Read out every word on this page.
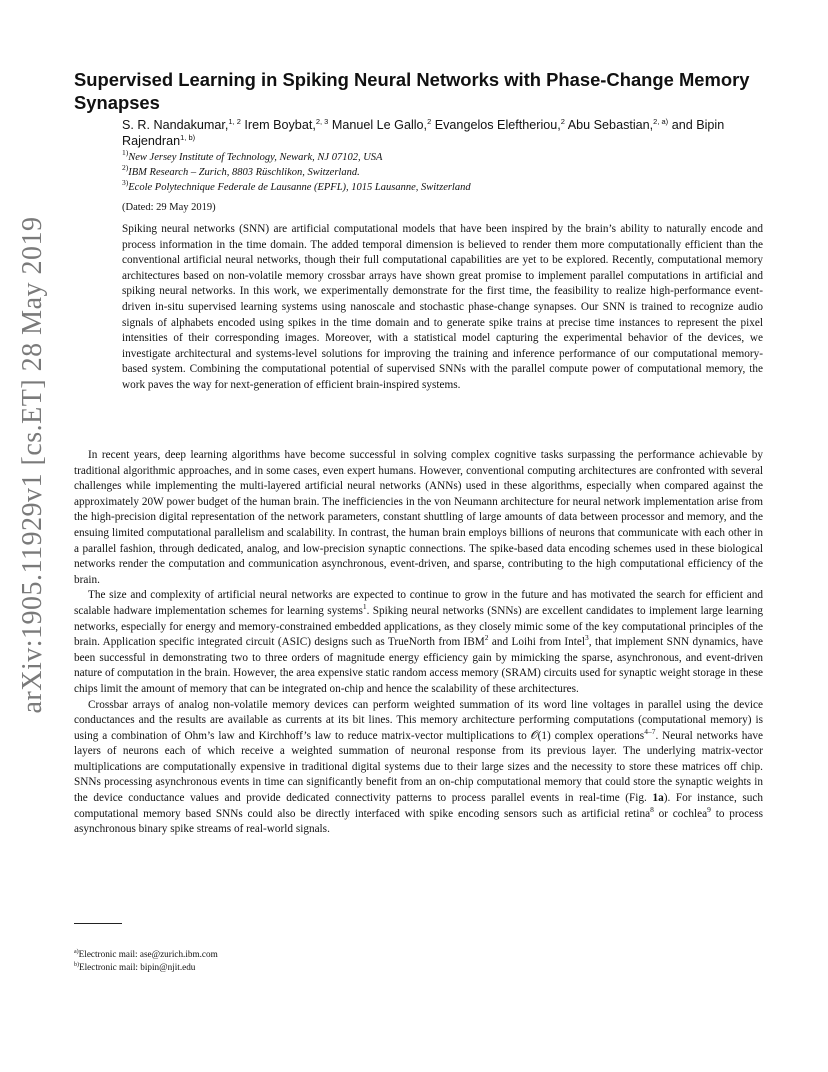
arXiv:1905.11929v1 [cs.ET] 28 May 2019
Supervised Learning in Spiking Neural Networks with Phase-Change Memory Synapses
S. R. Nandakumar,$^{1, 2}$ Irem Boybat,$^{2, 3}$ Manuel Le Gallo,$^2$ Evangelos Eleftheriou,$^2$ Abu Sebastian,$^{2, a)}$ and Bipin Rajendran$^{1, b)}$
$^{1)}$New Jersey Institute of Technology, Newark, NJ 07102, USA
$^{2)}$IBM Research – Zurich, 8803 Rüschlikon, Switzerland.
$^{3)}$Ecole Polytechnique Federale de Lausanne (EPFL), 1015 Lausanne, Switzerland
(Dated: 29 May 2019)

Spiking neural networks (SNN) are artificial computational models that have been inspired by the brain’s ability to naturally encode and process information in the time domain. The added temporal dimension is believed to render them more computationally efficient than the conventional artificial neural networks, though their full computational capabilities are yet to be explored. Recently, computational memory architectures based on non-volatile memory crossbar arrays have shown great promise to implement parallel computations in artificial and spiking neural networks. In this work, we experimentally demonstrate for the first time, the feasibility to realize high-performance event-driven in-situ supervised learning systems using nanoscale and stochastic phase-change synapses. Our SNN is trained to recognize audio signals of alphabets encoded using spikes in the time domain and to generate spike trains at precise time instances to represent the pixel intensities of their corresponding images. Moreover, with a statistical model capturing the experimental behavior of the devices, we investigate architectural and systems-level solutions for improving the training and inference performance of our computational memory-based system. Combining the computational potential of supervised SNNs with the parallel compute power of computational memory, the work paves the way for next-generation of efficient brain-inspired systems.

In recent years, deep learning algorithms have become successful in solving complex cognitive tasks surpassing the performance achievable by traditional algorithmic approaches, and in some cases, even expert humans. However, conventional computing architectures are confronted with several challenges while implementing the multi-layered artificial neural networks (ANNs) used in these algorithms, especially when compared against the approximately 20W power budget of the human brain. The inefficiencies in the von Neumann architecture for neural network implementation arise from the high-precision digital representation of the network parameters, constant shuttling of large amounts of data between processor and memory, and the ensuing limited computational parallelism and scalability. In contrast, the human brain employs billions of neurons that communicate with each other in a parallel fashion, through dedicated, analog, and low-precision synaptic connections. The spike-based data encoding schemes used in these biological networks render the computation and communication asynchronous, event-driven, and sparse, contributing to the high computational efficiency of the brain.

The size and complexity of artificial neural networks are expected to continue to grow in the future and has motivated the search for efficient and scalable hadware implementation schemes for learning systems$^1$. Spiking neural networks (SNNs) are excellent candidates to implement large learning networks, especially for energy and memory-constrained embedded applications, as they closely mimic some of the key computational principles of the brain. Application specific integrated circuit (ASIC) designs such as TrueNorth from IBM$^2$ and Loihi from Intel$^3$, that implement SNN dynamics, have been successful in demonstrating two to three orders of magnitude energy efficiency gain by mimicking the sparse, asynchronous, and event-driven nature of computation in the brain. However, the area expensive static random access memory (SRAM) circuits used for synaptic weight storage in these chips limit the amount of memory that can be integrated on-chip and hence the scalability of these architectures.

Crossbar arrays of analog non-volatile memory devices can perform weighted summation of its word line voltages in parallel using the device conductances and the results are available as currents at its bit lines. This memory architecture performing computations (computational memory) is using a combination of Ohm’s law and Kirchhoff’s law to reduce matrix-vector multiplications to 𝒪(1) complex operations$^{4-7}$. Neural networks have layers of neurons each of which receive a weighted summation of neuronal response from its previous layer. The underlying matrix-vector multiplications are computationally expensive in traditional digital systems due to their large sizes and the necessity to store these matrices off chip. SNNs processing asynchronous events in time can significantly benefit from an on-chip computational memory that could store the synaptic weights in the device conductance values and provide dedicated connectivity patterns to process parallel events in real-time (Fig. 1a). For instance, such computational memory based SNNs could also be directly interfaced with spike encoding sensors such as artificial retina$^8$ or cochlea$^9$ to process asynchronous binary spike streams of real-world signals.

$^{a)}$Electronic mail: ase@zurich.ibm.com
$^{b)}$Electronic mail: bipin@njit.edu
